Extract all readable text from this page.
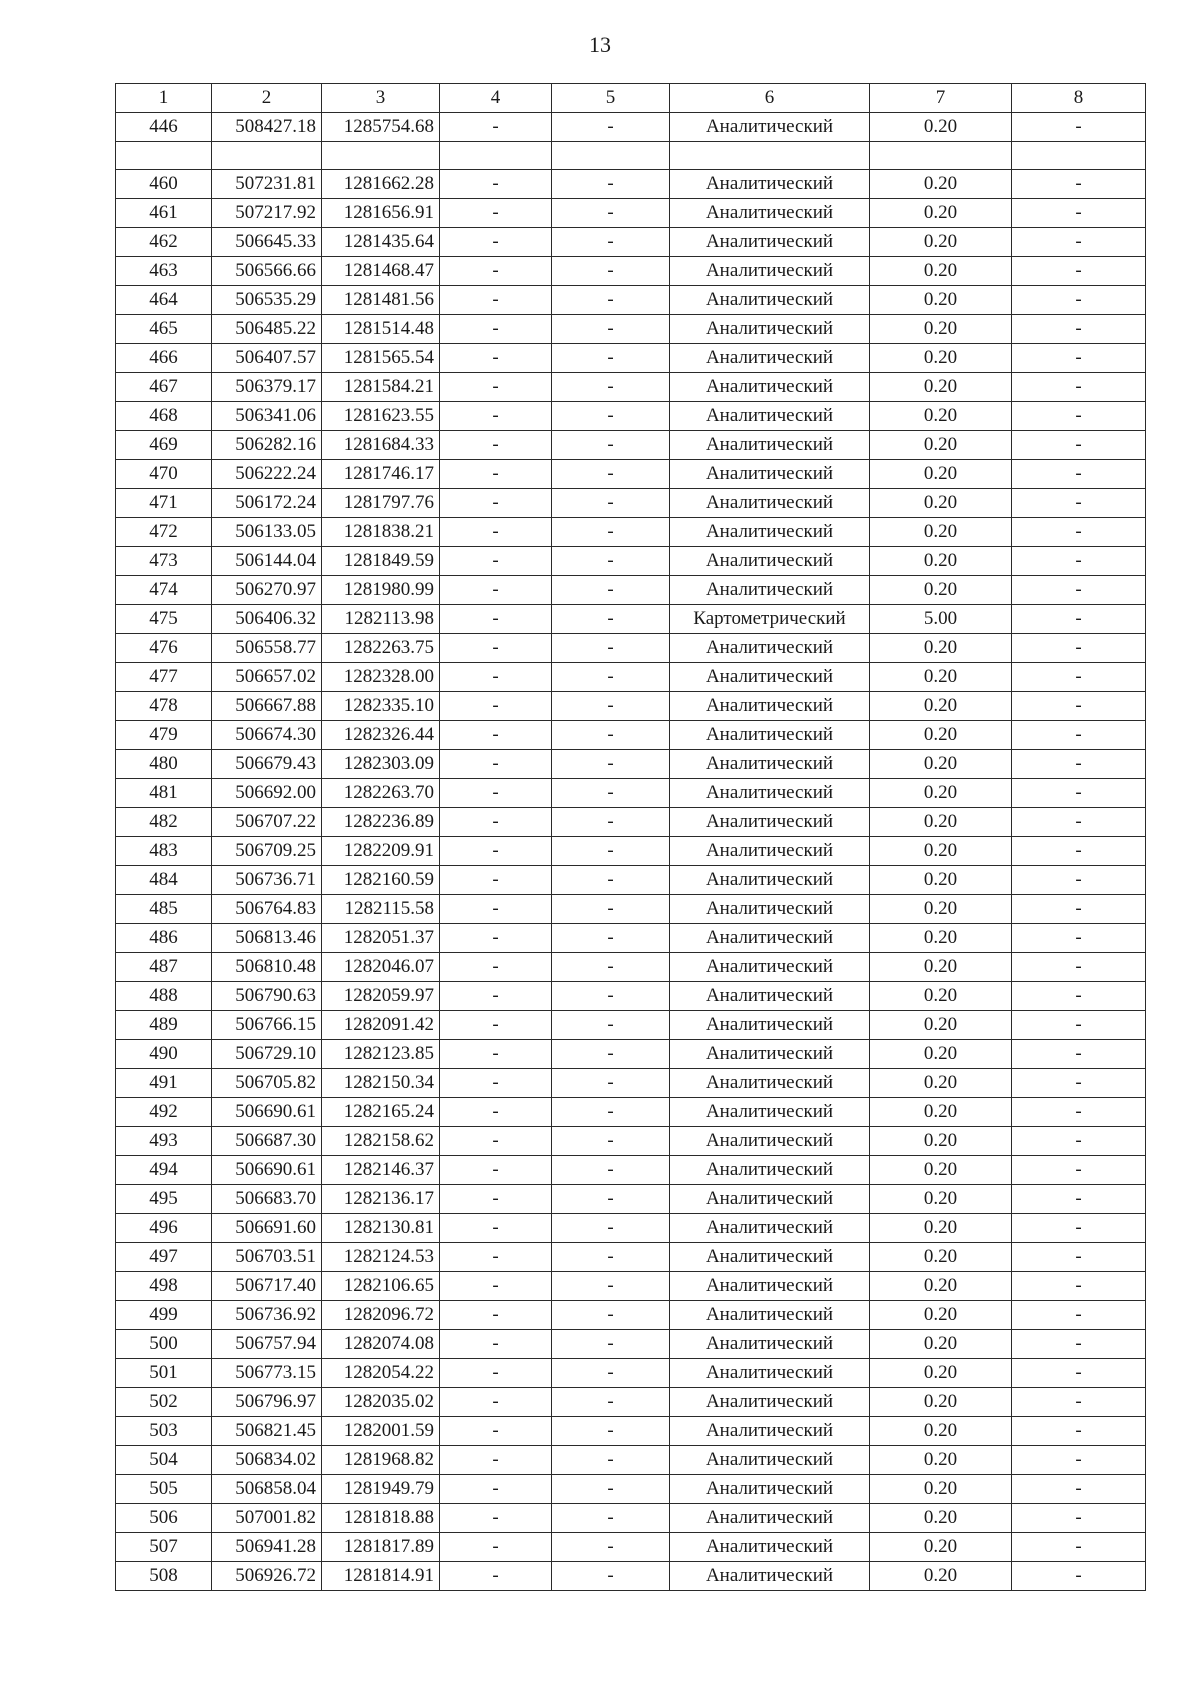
13
1	2	3	4	5	6	7	8
446	508427.18	1285754.68	-	-	Аналитический	0.20	-

460	507231.81	1281662.28	-	-	Аналитический	0.20	-
461	507217.92	1281656.91	-	-	Аналитический	0.20	-
462	506645.33	1281435.64	-	-	Аналитический	0.20	-
463	506566.66	1281468.47	-	-	Аналитический	0.20	-
464	506535.29	1281481.56	-	-	Аналитический	0.20	-
465	506485.22	1281514.48	-	-	Аналитический	0.20	-
466	506407.57	1281565.54	-	-	Аналитический	0.20	-
467	506379.17	1281584.21	-	-	Аналитический	0.20	-
468	506341.06	1281623.55	-	-	Аналитический	0.20	-
469	506282.16	1281684.33	-	-	Аналитический	0.20	-
470	506222.24	1281746.17	-	-	Аналитический	0.20	-
471	506172.24	1281797.76	-	-	Аналитический	0.20	-
472	506133.05	1281838.21	-	-	Аналитический	0.20	-
473	506144.04	1281849.59	-	-	Аналитический	0.20	-
474	506270.97	1281980.99	-	-	Аналитический	0.20	-
475	506406.32	1282113.98	-	-	Картометрический	5.00	-
476	506558.77	1282263.75	-	-	Аналитический	0.20	-
477	506657.02	1282328.00	-	-	Аналитический	0.20	-
478	506667.88	1282335.10	-	-	Аналитический	0.20	-
479	506674.30	1282326.44	-	-	Аналитический	0.20	-
480	506679.43	1282303.09	-	-	Аналитический	0.20	-
481	506692.00	1282263.70	-	-	Аналитический	0.20	-
482	506707.22	1282236.89	-	-	Аналитический	0.20	-
483	506709.25	1282209.91	-	-	Аналитический	0.20	-
484	506736.71	1282160.59	-	-	Аналитический	0.20	-
485	506764.83	1282115.58	-	-	Аналитический	0.20	-
486	506813.46	1282051.37	-	-	Аналитический	0.20	-
487	506810.48	1282046.07	-	-	Аналитический	0.20	-
488	506790.63	1282059.97	-	-	Аналитический	0.20	-
489	506766.15	1282091.42	-	-	Аналитический	0.20	-
490	506729.10	1282123.85	-	-	Аналитический	0.20	-
491	506705.82	1282150.34	-	-	Аналитический	0.20	-
492	506690.61	1282165.24	-	-	Аналитический	0.20	-
493	506687.30	1282158.62	-	-	Аналитический	0.20	-
494	506690.61	1282146.37	-	-	Аналитический	0.20	-
495	506683.70	1282136.17	-	-	Аналитический	0.20	-
496	506691.60	1282130.81	-	-	Аналитический	0.20	-
497	506703.51	1282124.53	-	-	Аналитический	0.20	-
498	506717.40	1282106.65	-	-	Аналитический	0.20	-
499	506736.92	1282096.72	-	-	Аналитический	0.20	-
500	506757.94	1282074.08	-	-	Аналитический	0.20	-
501	506773.15	1282054.22	-	-	Аналитический	0.20	-
502	506796.97	1282035.02	-	-	Аналитический	0.20	-
503	506821.45	1282001.59	-	-	Аналитический	0.20	-
504	506834.02	1281968.82	-	-	Аналитический	0.20	-
505	506858.04	1281949.79	-	-	Аналитический	0.20	-
506	507001.82	1281818.88	-	-	Аналитический	0.20	-
507	506941.28	1281817.89	-	-	Аналитический	0.20	-
508	506926.72	1281814.91	-	-	Аналитический	0.20	-
